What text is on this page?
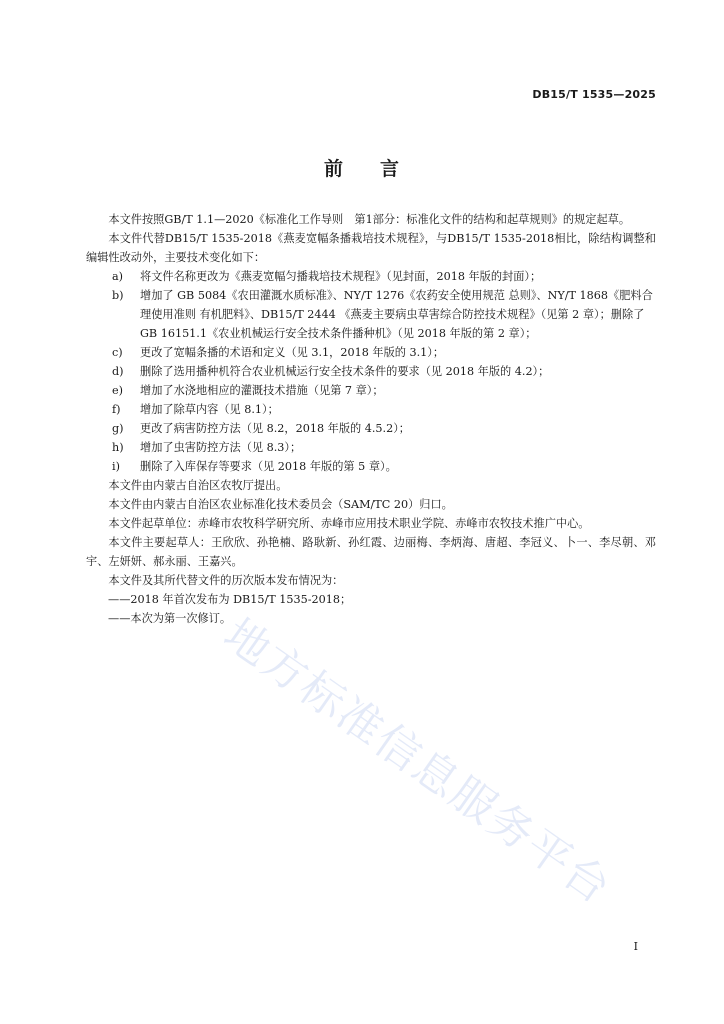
DB15/T 1535—2025
前 言

本文件按照GB/T 1.1—2020《标准化工作导则　第1部分：标准化文件的结构和起草规则》的规定起草。

本文件代替DB15/T 1535-2018《燕麦宽幅条播栽培技术规程》，与DB15/T 1535-2018相比，除结构调整和编辑性改动外，主要技术变化如下：

a) 将文件名称更改为《燕麦宽幅匀播栽培技术规程》（见封面，2018 年版的封面）；

b) 增加了 GB 5084《农田灌溉水质标准》、NY/T 1276《农药安全使用规范 总则》、NY/T 1868《肥料合理使用准则 有机肥料》、DB15/T 2444 《燕麦主要病虫草害综合防控技术规程》（见第 2 章）；删除了 GB 16151.1《农业机械运行安全技术条件播种机》（见 2018 年版的第 2 章）；

c) 更改了宽幅条播的术语和定义（见 3.1，2018 年版的 3.1）；

d) 删除了选用播种机符合农业机械运行安全技术条件的要求（见 2018 年版的 4.2）；

e) 增加了水浇地相应的灌溉技术措施（见第 7 章）；

f) 增加了除草内容（见 8.1）；

g) 更改了病害防控方法（见 8.2，2018 年版的 4.5.2）；

h) 增加了虫害防控方法（见 8.3）；

i) 删除了入库保存等要求（见 2018 年版的第 5 章）。

本文件由内蒙古自治区农牧厅提出。

本文件由内蒙古自治区农业标准化技术委员会（SAM/TC 20）归口。

本文件起草单位：赤峰市农牧科学研究所、赤峰市应用技术职业学院、赤峰市农牧技术推广中心。

本文件主要起草人：王欣欣、孙艳楠、路耿新、孙红霞、边丽梅、李炳海、唐超、李冠义、卜一、李尽朝、邓宇、左妍妍、郝永丽、王嘉兴。

本文件及其所代替文件的历次版本发布情况为：

——2018 年首次发布为 DB15/T 1535-2018；

——本次为第一次修订。

地方标准信息服务平台
I
